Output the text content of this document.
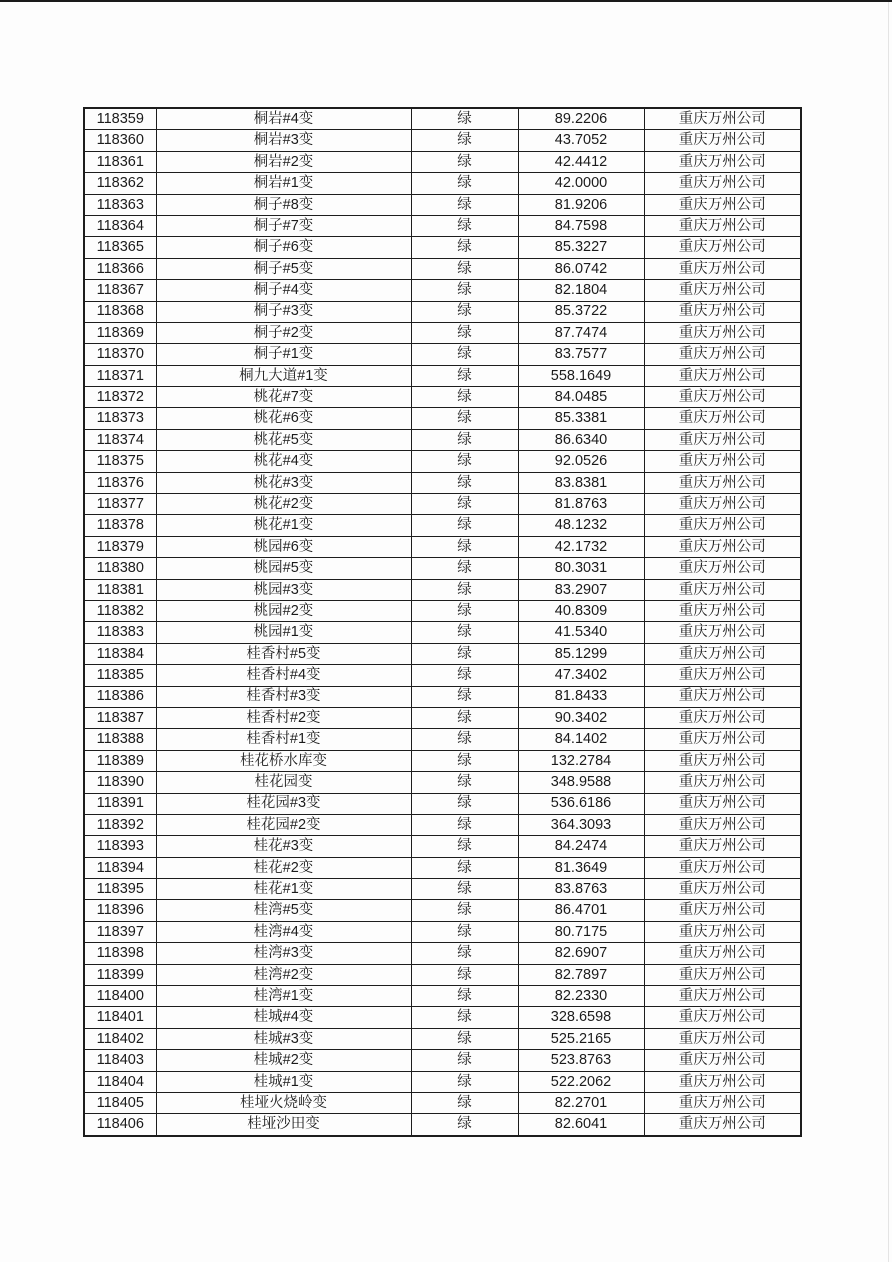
118359	桐岩#4变	绿	89.2206	重庆万州公司
118360	桐岩#3变	绿	43.7052	重庆万州公司
118361	桐岩#2变	绿	42.4412	重庆万州公司
118362	桐岩#1变	绿	42.0000	重庆万州公司
118363	桐子#8变	绿	81.9206	重庆万州公司
118364	桐子#7变	绿	84.7598	重庆万州公司
118365	桐子#6变	绿	85.3227	重庆万州公司
118366	桐子#5变	绿	86.0742	重庆万州公司
118367	桐子#4变	绿	82.1804	重庆万州公司
118368	桐子#3变	绿	85.3722	重庆万州公司
118369	桐子#2变	绿	87.7474	重庆万州公司
118370	桐子#1变	绿	83.7577	重庆万州公司
118371	桐九大道#1变	绿	558.1649	重庆万州公司
118372	桃花#7变	绿	84.0485	重庆万州公司
118373	桃花#6变	绿	85.3381	重庆万州公司
118374	桃花#5变	绿	86.6340	重庆万州公司
118375	桃花#4变	绿	92.0526	重庆万州公司
118376	桃花#3变	绿	83.8381	重庆万州公司
118377	桃花#2变	绿	81.8763	重庆万州公司
118378	桃花#1变	绿	48.1232	重庆万州公司
118379	桃园#6变	绿	42.1732	重庆万州公司
118380	桃园#5变	绿	80.3031	重庆万州公司
118381	桃园#3变	绿	83.2907	重庆万州公司
118382	桃园#2变	绿	40.8309	重庆万州公司
118383	桃园#1变	绿	41.5340	重庆万州公司
118384	桂香村#5变	绿	85.1299	重庆万州公司
118385	桂香村#4变	绿	47.3402	重庆万州公司
118386	桂香村#3变	绿	81.8433	重庆万州公司
118387	桂香村#2变	绿	90.3402	重庆万州公司
118388	桂香村#1变	绿	84.1402	重庆万州公司
118389	桂花桥水库变	绿	132.2784	重庆万州公司
118390	桂花园变	绿	348.9588	重庆万州公司
118391	桂花园#3变	绿	536.6186	重庆万州公司
118392	桂花园#2变	绿	364.3093	重庆万州公司
118393	桂花#3变	绿	84.2474	重庆万州公司
118394	桂花#2变	绿	81.3649	重庆万州公司
118395	桂花#1变	绿	83.8763	重庆万州公司
118396	桂湾#5变	绿	86.4701	重庆万州公司
118397	桂湾#4变	绿	80.7175	重庆万州公司
118398	桂湾#3变	绿	82.6907	重庆万州公司
118399	桂湾#2变	绿	82.7897	重庆万州公司
118400	桂湾#1变	绿	82.2330	重庆万州公司
118401	桂城#4变	绿	328.6598	重庆万州公司
118402	桂城#3变	绿	525.2165	重庆万州公司
118403	桂城#2变	绿	523.8763	重庆万州公司
118404	桂城#1变	绿	522.2062	重庆万州公司
118405	桂垭火烧岭变	绿	82.2701	重庆万州公司
118406	桂垭沙田变	绿	82.6041	重庆万州公司
